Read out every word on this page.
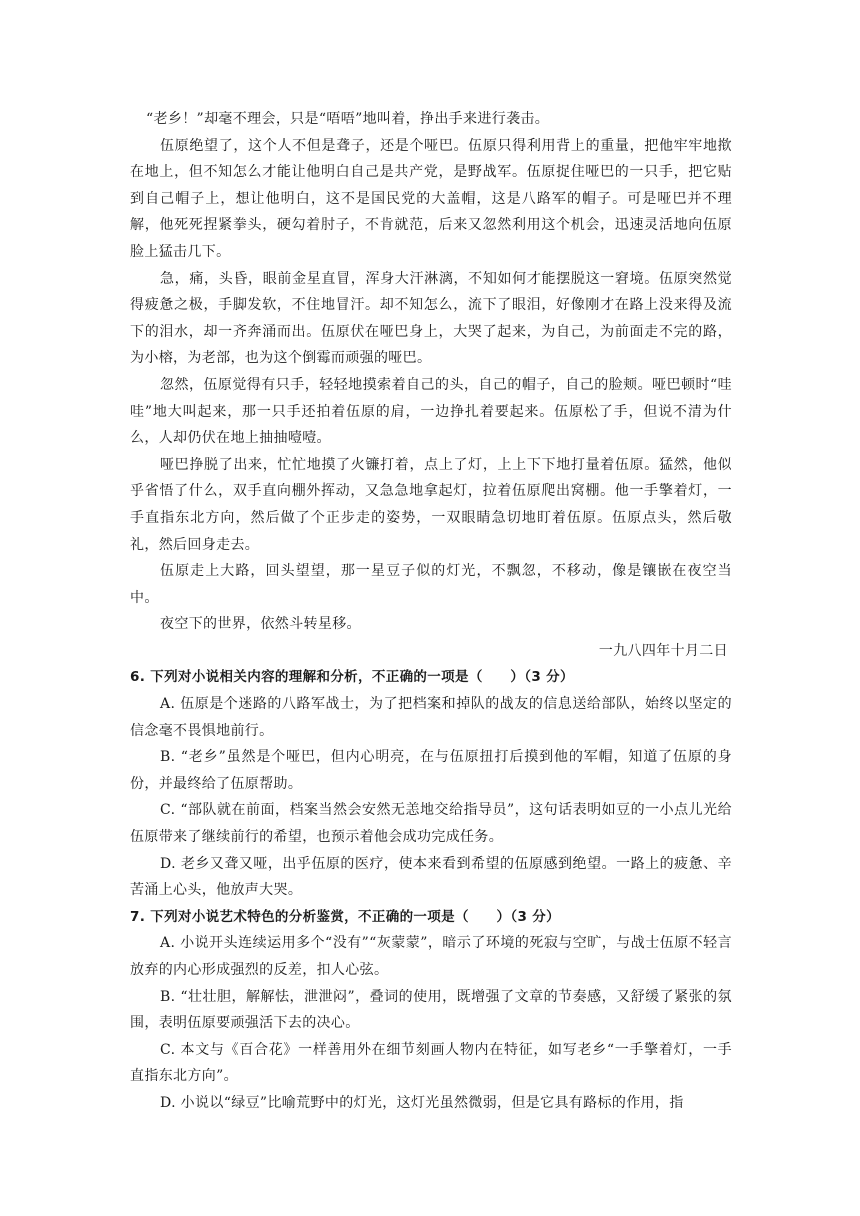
“老乡！”却毫不理会，只是“唔唔”地叫着，挣出手来进行袭击。

伍原绝望了，这个人不但是聋子，还是个哑巴。伍原只得利用背上的重量，把他牢牢地揿在地上，但不知怎么才能让他明白自己是共产党，是野战军。伍原捉住哑巴的一只手，把它贴到自己帽子上，想让他明白，这不是国民党的大盖帽，这是八路军的帽子。可是哑巴并不理解，他死死捏紧拳头，硬勾着肘子，不肯就范，后来又忽然利用这个机会，迅速灵活地向伍原脸上猛击几下。

急，痛，头昏，眼前金星直冒，浑身大汗淋漓，不知如何才能摆脱这一窘境。伍原突然觉得疲惫之极，手脚发软，不住地冒汗。却不知怎么，流下了眼泪，好像刚才在路上没来得及流下的泪水，却一齐奔涌而出。伍原伏在哑巴身上，大哭了起来，为自己，为前面走不完的路，为小榕，为老部，也为这个倒霉而顽强的哑巴。

忽然，伍原觉得有只手，轻轻地摸索着自己的头，自己的帽子，自己的脸颊。哑巴顿时“哇哇”地大叫起来，那一只手还拍着伍原的肩，一边挣扎着要起来。伍原松了手，但说不清为什么，人却仍伏在地上抽抽噎噎。

哑巴挣脱了出来，忙忙地摸了火镰打着，点上了灯，上上下下地打量着伍原。猛然，他似乎省悟了什么，双手直向棚外挥动，又急急地拿起灯，拉着伍原爬出窝棚。他一手擎着灯，一手直指东北方向，然后做了个正步走的姿势，一双眼睛急切地盯着伍原。伍原点头，然后敬礼，然后回身走去。

伍原走上大路，回头望望，那一星豆子似的灯光，不飘忽，不移动，像是镶嵌在夜空当中。

夜空下的世界，依然斗转星移。

一九八四年十月二日

6. 下列对小说相关内容的理解和分析，不正确的一项是（　　）（3 分）

A. 伍原是个迷路的八路军战士，为了把档案和掉队的战友的信息送给部队，始终以坚定的信念毫不畏惧地前行。

B. “老乡”虽然是个哑巴，但内心明亮，在与伍原扭打后摸到他的军帽，知道了伍原的身份，并最终给了伍原帮助。

C. “部队就在前面，档案当然会安然无恙地交给指导员”，这句话表明如豆的一小点儿光给伍原带来了继续前行的希望，也预示着他会成功完成任务。

D. 老乡又聋又哑，出乎伍原的医疗，使本来看到希望的伍原感到绝望。一路上的疲惫、辛苦涌上心头，他放声大哭。

7. 下列对小说艺术特色的分析鉴赏，不正确的一项是（　　）（3 分）

A. 小说开头连续运用多个“没有”“灰蒙蒙”，暗示了环境的死寂与空旷，与战士伍原不轻言放弃的内心形成强烈的反差，扣人心弦。

B. “壮壮胆，解解怯，泄泄闷”，叠词的使用，既增强了文章的节奏感，又舒缓了紧张的氛围，表明伍原要顽强活下去的决心。

C. 本文与《百合花》一样善用外在细节刻画人物内在特征，如写老乡“一手擎着灯，一手直指东北方向”。

D. 小说以“绿豆”比喻荒野中的灯光，这灯光虽然微弱，但是它具有路标的作用，指
